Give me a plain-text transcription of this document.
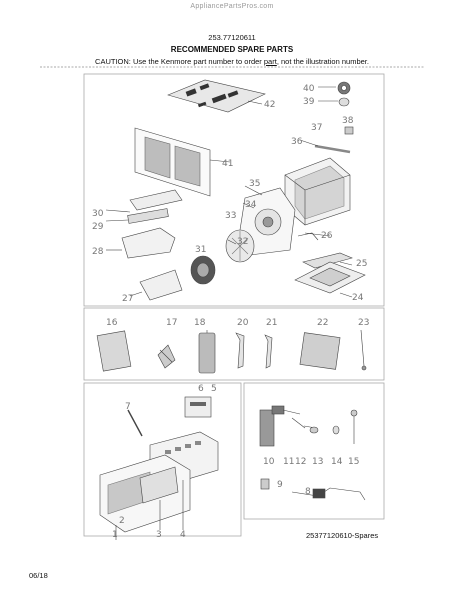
AppliancePartsPros.com
253.77120611
RECOMMENDED SPARE PARTS
CAUTION: Use the Kenmore part number to order part, not the illustration number.
42
41
40
39
38
37
36
35
34
33
32
31
30
29
28
27
26
25
24
16	17 18	20 21	22	23
7
6 5
1
2
3 4
10 11 12 13 14 15
9
8
25377120610-Spares
06/18
